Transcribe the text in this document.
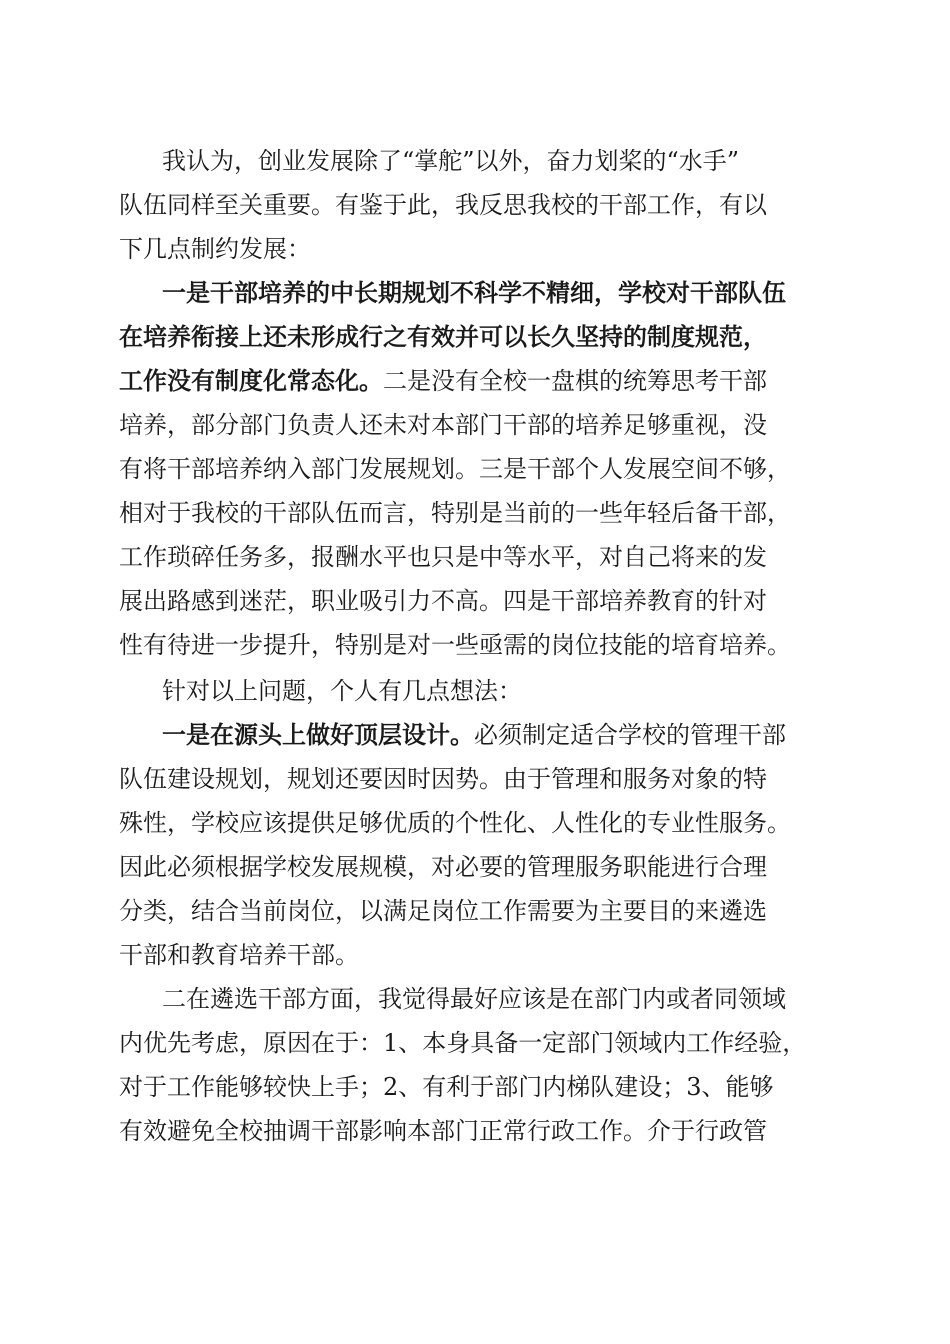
我认为，创业发展除了“掌舵”以外，奋力划桨的“水手”
队伍同样至关重要。有鉴于此，我反思我校的干部工作，有以
下几点制约发展：
一是干部培养的中长期规划不科学不精细，学校对干部队伍
在培养衔接上还未形成行之有效并可以长久坚持的制度规范，
工作没有制度化常态化。二是没有全校一盘棋的统筹思考干部
培养，部分部门负责人还未对本部门干部的培养足够重视，没
有将干部培养纳入部门发展规划。三是干部个人发展空间不够，
相对于我校的干部队伍而言，特别是当前的一些年轻后备干部，
工作琐碎任务多，报酬水平也只是中等水平，对自己将来的发
展出路感到迷茫，职业吸引力不高。四是干部培养教育的针对
性有待进一步提升，特别是对一些亟需的岗位技能的培育培养。
针对以上问题，个人有几点想法：
一是在源头上做好顶层设计。必须制定适合学校的管理干部
队伍建设规划，规划还要因时因势。由于管理和服务对象的特
殊性，学校应该提供足够优质的个性化、人性化的专业性服务。
因此必须根据学校发展规模，对必要的管理服务职能进行合理
分类，结合当前岗位，以满足岗位工作需要为主要目的来遴选
干部和教育培养干部。
二在遴选干部方面，我觉得最好应该是在部门内或者同领域
内优先考虑，原因在于：1、本身具备一定部门领域内工作经验，
对于工作能够较快上手；2、有利于部门内梯队建设；3、能够
有效避免全校抽调干部影响本部门正常行政工作。介于行政管
